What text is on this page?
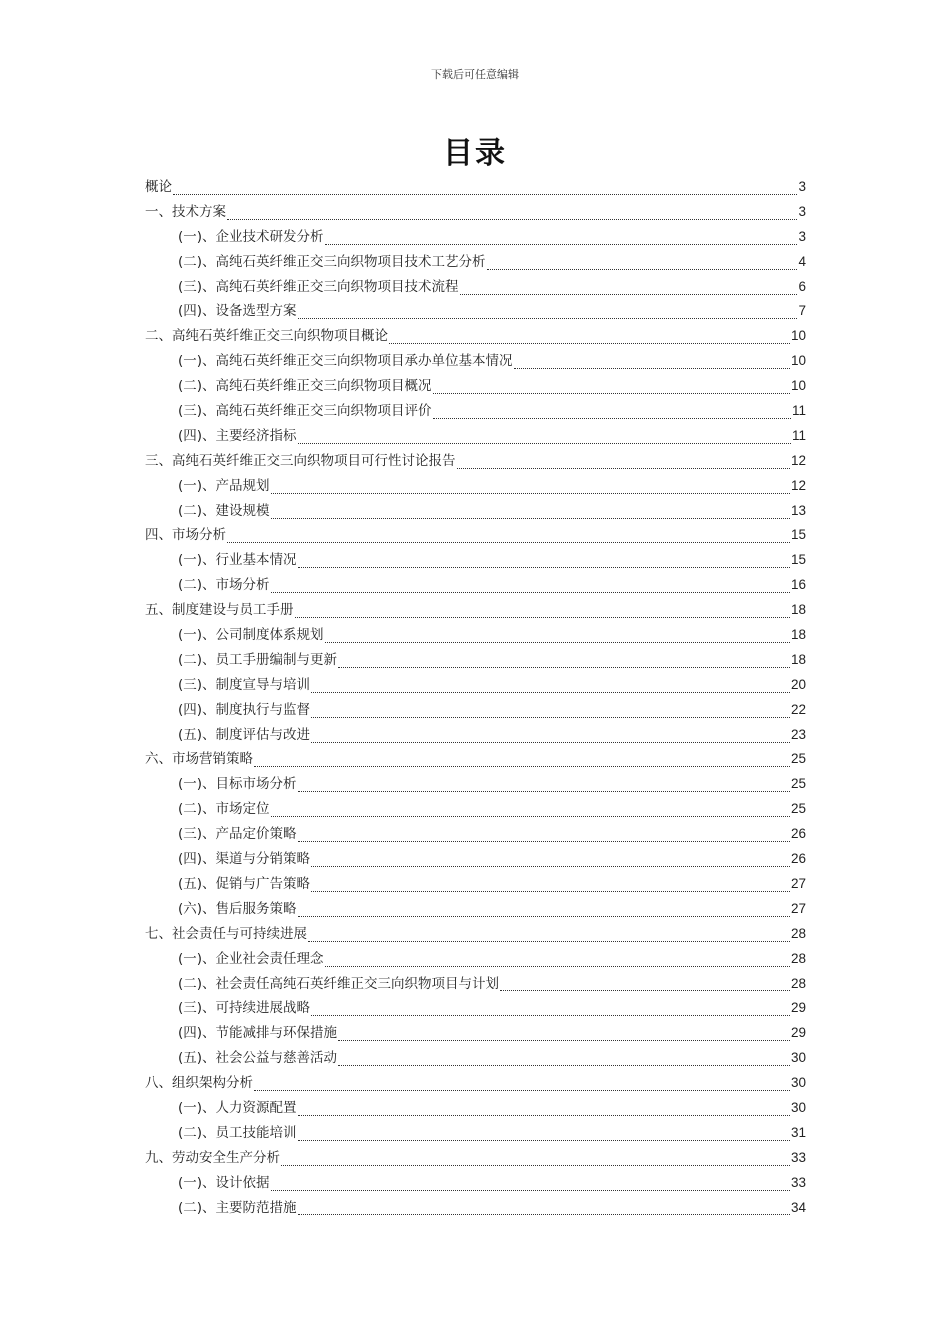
下载后可任意编辑
目录
概论	3
一、技术方案	3
(一)、企业技术研发分析	3
(二)、高纯石英纤维正交三向织物项目技术工艺分析	4
(三)、高纯石英纤维正交三向织物项目技术流程	6
(四)、设备选型方案	7
二、高纯石英纤维正交三向织物项目概论	10
(一)、高纯石英纤维正交三向织物项目承办单位基本情况	10
(二)、高纯石英纤维正交三向织物项目概况	10
(三)、高纯石英纤维正交三向织物项目评价	11
(四)、主要经济指标	11
三、高纯石英纤维正交三向织物项目可行性讨论报告	12
(一)、产品规划	12
(二)、建设规模	13
四、市场分析	15
(一)、行业基本情况	15
(二)、市场分析	16
五、制度建设与员工手册	18
(一)、公司制度体系规划	18
(二)、员工手册编制与更新	18
(三)、制度宣导与培训	20
(四)、制度执行与监督	22
(五)、制度评估与改进	23
六、市场营销策略	25
(一)、目标市场分析	25
(二)、市场定位	25
(三)、产品定价策略	26
(四)、渠道与分销策略	26
(五)、促销与广告策略	27
(六)、售后服务策略	27
七、社会责任与可持续进展	28
(一)、企业社会责任理念	28
(二)、社会责任高纯石英纤维正交三向织物项目与计划	28
(三)、可持续进展战略	29
(四)、节能减排与环保措施	29
(五)、社会公益与慈善活动	30
八、组织架构分析	30
(一)、人力资源配置	30
(二)、员工技能培训	31
九、劳动安全生产分析	33
(一)、设计依据	33
(二)、主要防范措施	34
